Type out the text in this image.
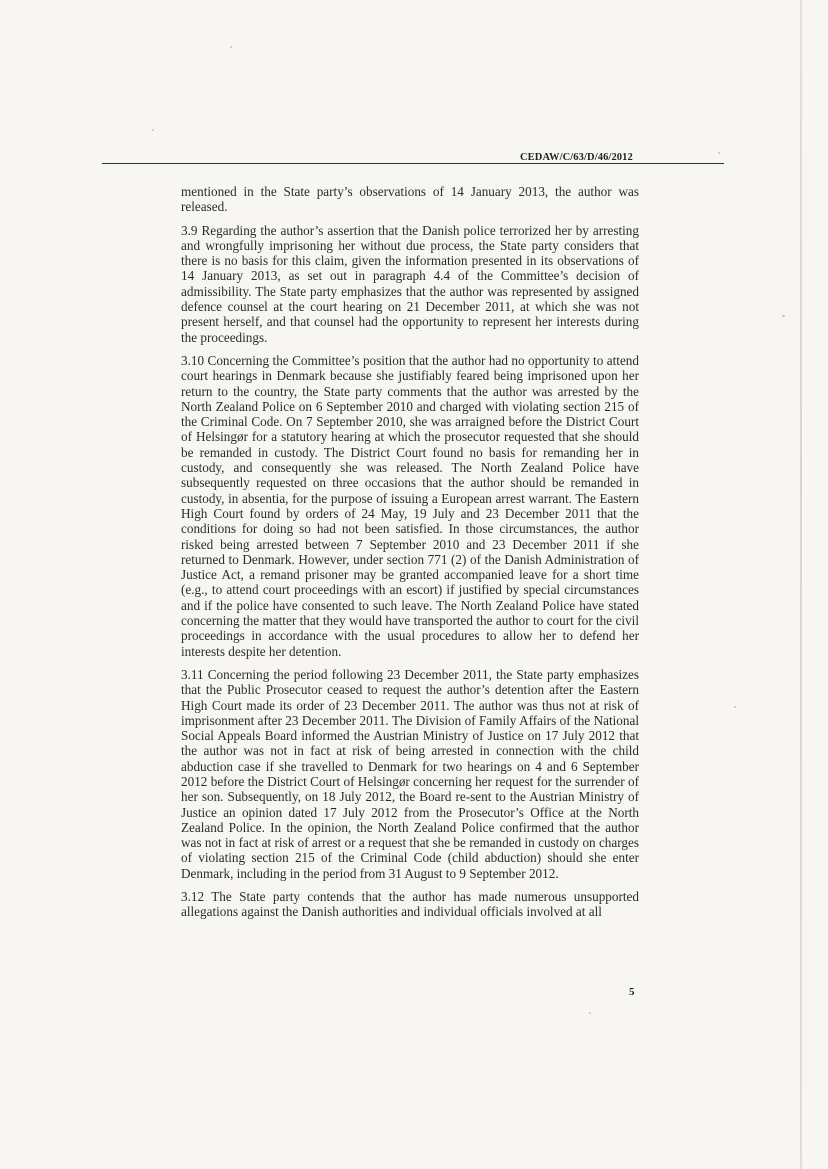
CEDAW/C/63/D/46/2012

mentioned in the State party’s observations of 14 January 2013, the author was released.

3.9 Regarding the author’s assertion that the Danish police terrorized her by arresting and wrongfully imprisoning her without due process, the State party considers that there is no basis for this claim, given the information presented in its observations of 14 January 2013, as set out in paragraph 4.4 of the Committee’s decision of admissibility. The State party emphasizes that the author was represented by assigned defence counsel at the court hearing on 21 December 2011, at which she was not present herself, and that counsel had the opportunity to represent her interests during the proceedings.

3.10 Concerning the Committee’s position that the author had no opportunity to attend court hearings in Denmark because she justifiably feared being imprisoned upon her return to the country, the State party comments that the author was arrested by the North Zealand Police on 6 September 2010 and charged with violating section 215 of the Criminal Code. On 7 September 2010, she was arraigned before the District Court of Helsingør for a statutory hearing at which the prosecutor requested that she should be remanded in custody. The District Court found no basis for remanding her in custody, and consequently she was released. The North Zealand Police have subsequently requested on three occasions that the author should be remanded in custody, in absentia, for the purpose of issuing a European arrest warrant. The Eastern High Court found by orders of 24 May, 19 July and 23 December 2011 that the conditions for doing so had not been satisfied. In those circumstances, the author risked being arrested between 7 September 2010 and 23 December 2011 if she returned to Denmark. However, under section 771 (2) of the Danish Administration of Justice Act, a remand prisoner may be granted accompanied leave for a short time (e.g., to attend court proceedings with an escort) if justified by special circumstances and if the police have consented to such leave. The North Zealand Police have stated concerning the matter that they would have transported the author to court for the civil proceedings in accordance with the usual procedures to allow her to defend her interests despite her detention.

3.11 Concerning the period following 23 December 2011, the State party emphasizes that the Public Prosecutor ceased to request the author’s detention after the Eastern High Court made its order of 23 December 2011. The author was thus not at risk of imprisonment after 23 December 2011. The Division of Family Affairs of the National Social Appeals Board informed the Austrian Ministry of Justice on 17 July 2012 that the author was not in fact at risk of being arrested in connection with the child abduction case if she travelled to Denmark for two hearings on 4 and 6 September 2012 before the District Court of Helsingør concerning her request for the surrender of her son. Subsequently, on 18 July 2012, the Board re-sent to the Austrian Ministry of Justice an opinion dated 17 July 2012 from the Prosecutor’s Office at the North Zealand Police. In the opinion, the North Zealand Police confirmed that the author was not in fact at risk of arrest or a request that she be remanded in custody on charges of violating section 215 of the Criminal Code (child abduction) should she enter Denmark, including in the period from 31 August to 9 September 2012.

3.12 The State party contends that the author has made numerous unsupported allegations against the Danish authorities and individual officials involved at all

5
